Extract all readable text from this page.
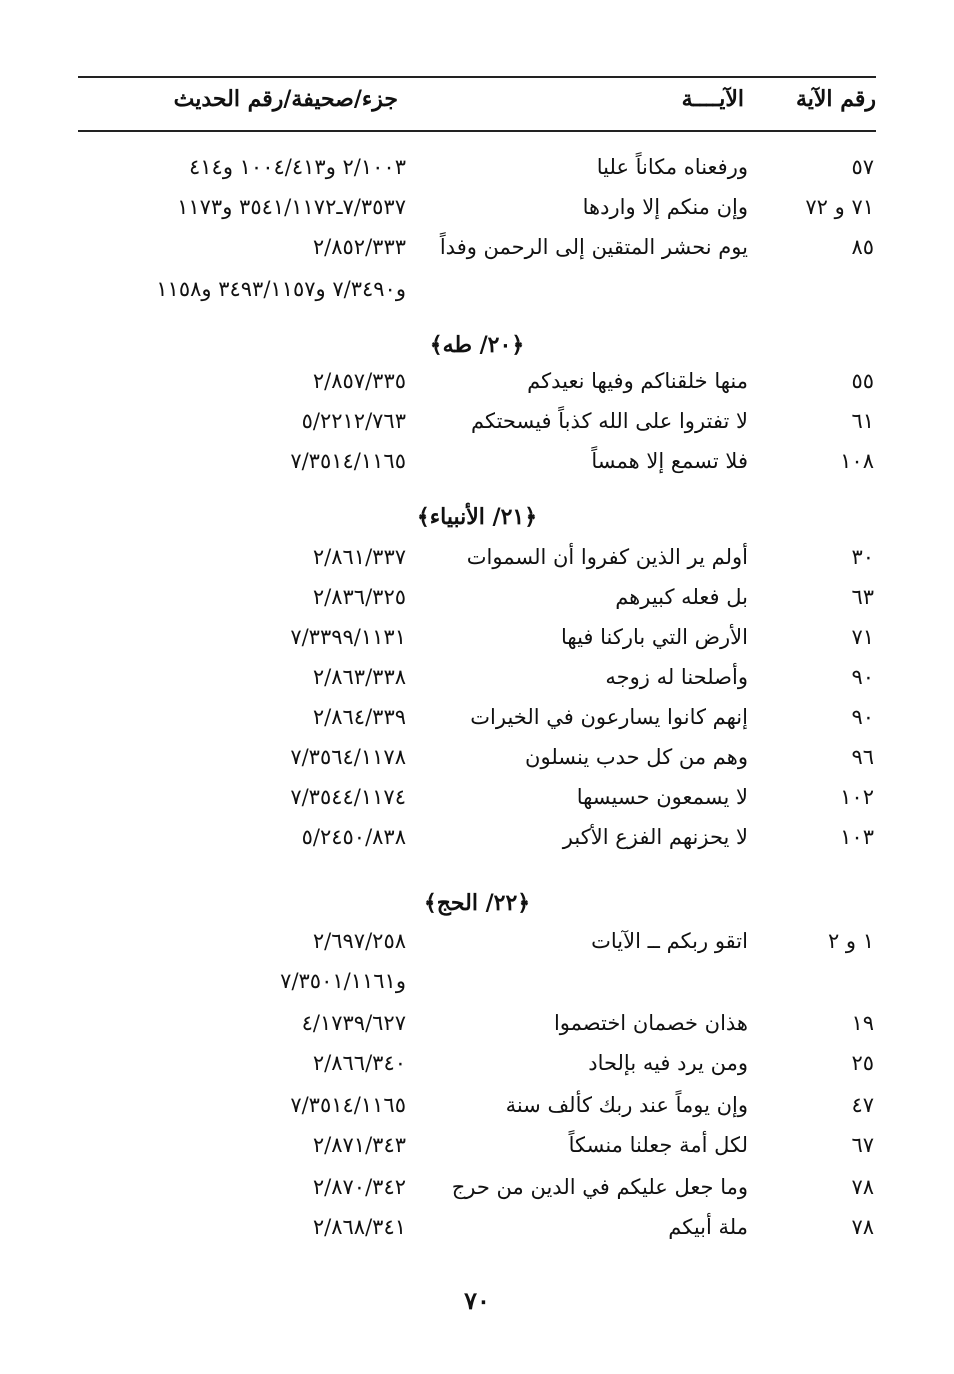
رقم الآية
الآيــــة
جزء/صحيفة/رقم الحديث
٥٧
ورفعناه مكاناً عليا
٢/١٠٠٣ و١٠٠٤/٤١٣ و٤١٤
٧١ و ٧٢
وإن منكم إلا واردها
٧/٣٥٣٧ـ٣٥٤١/١١٧٢ و١١٧٣
٨٥
يوم نحشر المتقين إلى الرحمن وفداً
٢/٨٥٢/٣٣٣
و٧/٣٤٩٠ و٣٤٩٣/١١٥٧ و١١٥٨
﴿٢٠/ طه﴾
٥٥
منها خلقناكم وفيها نعيدكم
٢/٨٥٧/٣٣٥
٦١
لا تفتروا على الله كذباً فيسحتكم
٥/٢٢١٢/٧٦٣
١٠٨
فلا تسمع إلا همساً
٧/٣٥١٤/١١٦٥
﴿٢١/ الأنبياء﴾
٣٠
أولم ير الذين كفروا أن السموات
٢/٨٦١/٣٣٧
٦٣
بل فعله كبيرهم
٢/٨٣٦/٣٢٥
٧١
الأرض التي باركنا فيها
٧/٣٣٩٩/١١٣١
٩٠
وأصلحنا له زوجه
٢/٨٦٣/٣٣٨
٩٠
إنهم كانوا يسارعون في الخيرات
٢/٨٦٤/٣٣٩
٩٦
وهم من كل حدب ينسلون
٧/٣٥٦٤/١١٧٨
١٠٢
لا يسمعون حسيسها
٧/٣٥٤٤/١١٧٤
١٠٣
لا يحزنهم الفزع الأكبر
٥/٢٤٥٠/٨٣٨
﴿٢٢/ الحج﴾
١ و ٢
اتقو ربكم ــ الآيات
٢/٦٩٧/٢٥٨
و٧/٣٥٠١/١١٦١
١٩
هذان خصمان اختصموا
٤/١٧٣٩/٦٢٧
٢٥
ومن يرد فيه بإلحاد
٢/٨٦٦/٣٤٠
٤٧
وإن يوماً عند ربك كألف سنة
٧/٣٥١٤/١١٦٥
٦٧
لكل أمة جعلنا منسكاً
٢/٨٧١/٣٤٣
٧٨
وما جعل عليكم في الدين من حرج
٢/٨٧٠/٣٤٢
٧٨
ملة أبيكم
٢/٨٦٨/٣٤١
٧٠
